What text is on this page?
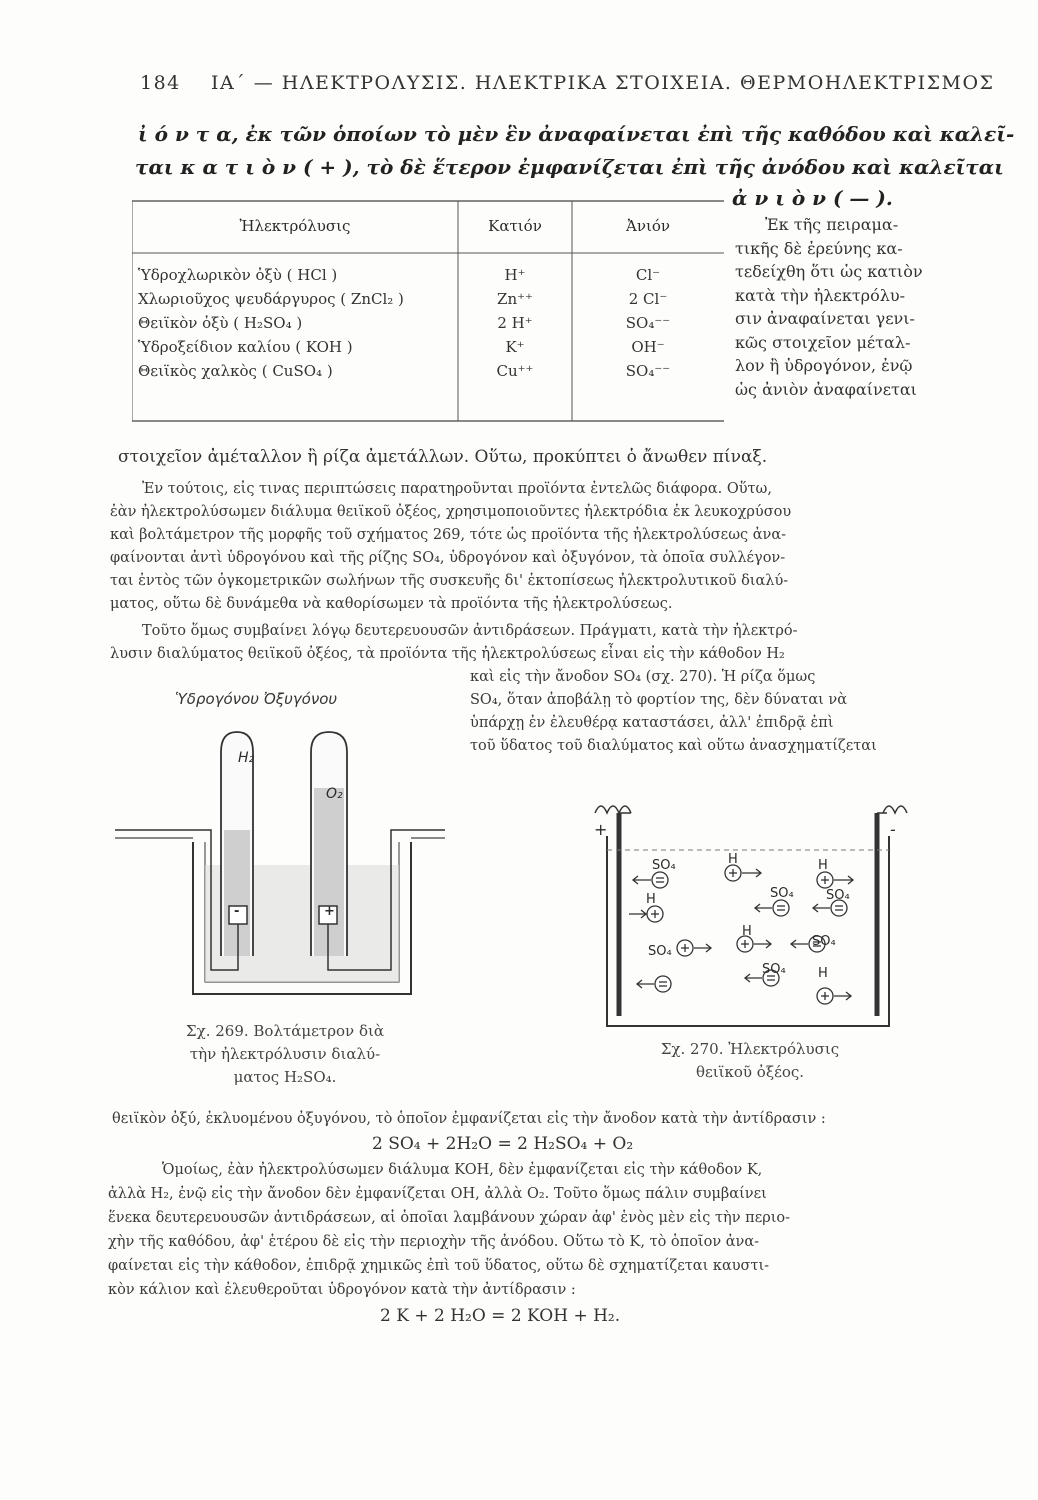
184 ΙΑ΄ — ΗΛΕΚΤΡΟΛΥΣΙΣ. ΗΛΕΚΤΡΙΚΑ ΣΤΟΙΧΕΙΑ. ΘΕΡΜΟΗΛΕΚΤΡΙΣΜΟΣ
ἰ ό ν τ α, ἐκ τῶν ὁποίων τὸ μὲν ἓν ἀναφαίνεται ἐπὶ τῆς καθόδου καὶ καλεῖ-
ται κ α τ ι ὸ ν ( + ), τὸ δὲ ἕτερον ἐμφανίζεται ἐπὶ τῆς ἀνόδου καὶ καλεῖται
ἀ ν ι ὸ ν ( — ).
Ἠλεκτρόλυσις	Κατιόν	Ἀνιόν
Ὑδροχλωρικὸν ὀξὺ ( HCl )	H⁺	Cl⁻
Χλωριοῦχος ψευδάργυρος ( ZnCl₂ )	Zn⁺⁺	2 Cl⁻
Θειϊκὸν ὀξὺ ( H₂SO₄ )	2 H⁺	SO₄⁻⁻
Ὑδροξείδιον καλίου ( KOH )	K⁺	OH⁻
Θειϊκὸς χαλκὸς ( CuSO₄ )	Cu⁺⁺	SO₄⁻⁻
Ἐκ τῆς πειραμα-
τικῆς δὲ ἐρεύνης κα-
τεδείχθη ὅτι ὡς κατιὸν
κατὰ τὴν ἠλεκτρόλυ-
σιν ἀναφαίνεται γενι-
κῶς στοιχεῖον μέταλ-
λον ἢ ὑδρογόνον, ἐνῷ
ὡς ἀνιὸν ἀναφαίνεται
στοιχεῖον ἀμέταλλον ἢ ρίζα ἀμετάλλων. Οὕτω, προκύπτει ὁ ἄνωθεν πίναξ.
Ἐν τούτοις, εἰς τινας περιπτώσεις παρατηροῦνται προϊόντα ἐντελῶς διάφορα. Οὕτω,
ἐὰν ἠλεκτρολύσωμεν διάλυμα θειϊκοῦ ὀξέος, χρησιμοποιοῦντες ἠλεκτρόδια ἐκ λευκοχρύσου
καὶ βολτάμετρον τῆς μορφῆς τοῦ σχήματος 269, τότε ὡς προϊόντα τῆς ἠλεκτρολύσεως ἀνα-
φαίνονται ἀντὶ ὑδρογόνου καὶ τῆς ρίζης SO₄, ὑδρογόνον καὶ ὀξυγόνον, τὰ ὁποῖα συλλέγον-
ται ἐντὸς τῶν ὀγκομετρικῶν σωλήνων τῆς συσκευῆς δι' ἐκτοπίσεως ἠλεκτρολυτικοῦ διαλύ-
ματος, οὕτω δὲ δυνάμεθα νὰ καθορίσωμεν τὰ προϊόντα τῆς ἠλεκτρολύσεως.
Τοῦτο ὅμως συμβαίνει λόγῳ δευτερευουσῶν ἀντιδράσεων. Πράγματι, κατὰ τὴν ἠλεκτρό-
λυσιν διαλύματος θειϊκοῦ ὀξέος, τὰ προϊόντα τῆς ἠλεκτρολύσεως εἶναι εἰς τὴν κάθοδον H₂
καὶ εἰς τὴν ἄνοδον SO₄ (σχ. 270). Ἡ ρίζα ὅμως
SO₄, ὅταν ἀποβάλῃ τὸ φορτίον της, δὲν δύναται νὰ
ὑπάρχῃ ἐν ἐλευθέρᾳ καταστάσει, ἀλλ' ἐπιδρᾷ ἐπὶ
τοῦ ὕδατος τοῦ διαλύματος καὶ οὕτω ἀνασχηματίζεται
Ὑδρογόνου Ὀξυγόνου
H₂
O₂
-	+
Σχ. 269. Βολτάμετρον διὰ
τὴν ἠλεκτρόλυσιν διαλύ-
ματος H₂SO₄.
+	-
SO₄	H	H
H	SO₄ SO₄
H
SO₄
SO₄
SO₄ H
Σχ. 270. Ἠλεκτρόλυσις
θειϊκοῦ ὀξέος.
θειϊκὸν ὀξύ, ἐκλυομένου ὀξυγόνου, τὸ ὁποῖον ἐμφανίζεται εἰς τὴν ἄνοδον κατὰ τὴν ἀντίδρασιν :
2 SO₄ + 2H₂O = 2 H₂SO₄ + O₂
Ὁμοίως, ἐὰν ἠλεκτρολύσωμεν διάλυμα KOH, δὲν ἐμφανίζεται εἰς τὴν κάθοδον K,
ἀλλὰ H₂, ἐνῷ εἰς τὴν ἄνοδον δὲν ἐμφανίζεται OH, ἀλλὰ O₂. Τοῦτο ὅμως πάλιν συμβαίνει
ἕνεκα δευτερευουσῶν ἀντιδράσεων, αἱ ὁποῖαι λαμβάνουν χώραν ἀφ' ἑνὸς μὲν εἰς τὴν περιο-
χὴν τῆς καθόδου, ἀφ' ἑτέρου δὲ εἰς τὴν περιοχὴν τῆς ἀνόδου. Οὕτω τὸ K, τὸ ὁποῖον ἀνα-
φαίνεται εἰς τὴν κάθοδον, ἐπιδρᾷ χημικῶς ἐπὶ τοῦ ὕδατος, οὕτω δὲ σχηματίζεται καυστι-
κὸν κάλιον καὶ ἐλευθεροῦται ὑδρογόνον κατὰ τὴν ἀντίδρασιν :
2 K + 2 H₂O = 2 KOH + H₂.
